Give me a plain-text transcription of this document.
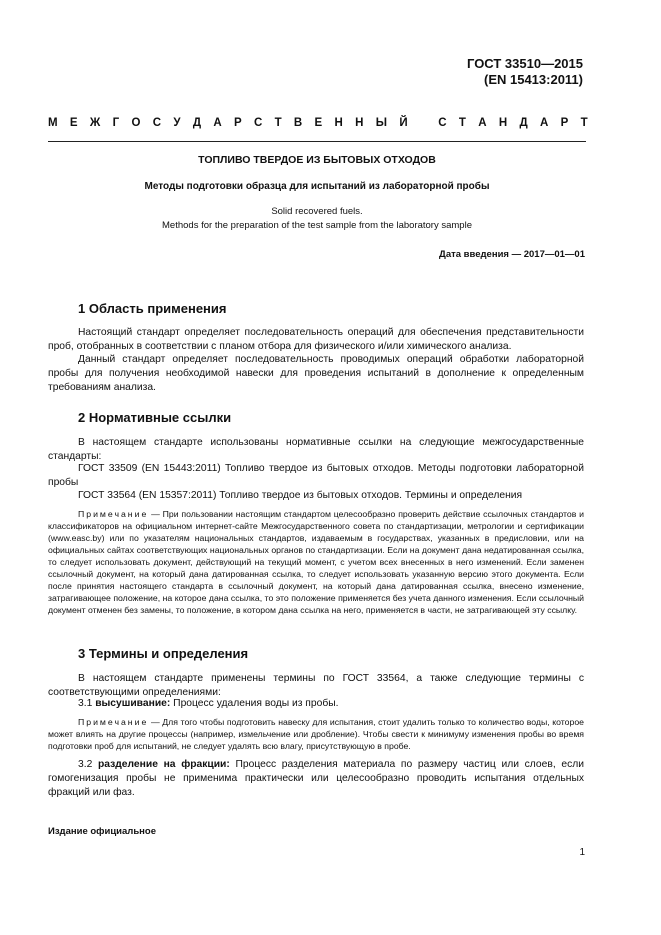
ГОСТ 33510—2015
(EN 15413:2011)
М Е Ж Г О С У Д А Р С Т В Е Н Н Ы Й	С Т А Н Д А Р Т
ТОПЛИВО ТВЕРДОЕ ИЗ БЫТОВЫХ ОТХОДОВ
Методы подготовки образца для испытаний из лабораторной пробы
Solid recovered fuels.
Methods for the preparation of the test sample from the laboratory sample
Дата введения — 2017—01—01
1 Область применения
Настоящий стандарт определяет последовательность операций для обеспечения представительности проб, отобранных в соответствии с планом отбора для физического и/или химического анализа.
Данный стандарт определяет последовательность проводимых операций обработки лабораторной пробы для получения необходимой навески для проведения испытаний в дополнение к определенным требованиям анализа.
2 Нормативные ссылки
В настоящем стандарте использованы нормативные ссылки на следующие межгосударственные стандарты:
ГОСТ 33509 (EN 15443:2011) Топливо твердое из бытовых отходов. Методы подготовки лабораторной пробы
ГОСТ 33564 (EN 15357:2011) Топливо твердое из бытовых отходов. Термины и определения
Примечание — При пользовании настоящим стандартом целесообразно проверить действие ссылочных стандартов и классификаторов на официальном интернет-сайте Межгосударственного совета по стандартизации, метрологии и сертификации (www.easc.by) или по указателям национальных стандартов, издаваемым в государствах, указанных в предисловии, или на официальных сайтах соответствующих национальных органов по стандартизации. Если на документ дана недатированная ссылка, то следует использовать документ, действующий на текущий момент, с учетом всех внесенных в него изменений. Если заменен ссылочный документ, на который дана датированная ссылка, то следует использовать указанную версию этого документа. Если после принятия настоящего стандарта в ссылочный документ, на который дана датированная ссылка, внесено изменение, затрагивающее положение, на которое дана ссылка, то это положение применяется без учета данного изменения. Если ссылочный документ отменен без замены, то положение, в котором дана ссылка на него, применяется в части, не затрагивающей эту ссылку.
3 Термины и определения
В настоящем стандарте применены термины по ГОСТ 33564, а также следующие термины с соответствующими определениями:
3.1 высушивание: Процесс удаления воды из пробы.
Примечание — Для того чтобы подготовить навеску для испытания, стоит удалить только то количество воды, которое может влиять на другие процессы (например, измельчение или дробление). Чтобы свести к минимуму изменения пробы во время подготовки проб для испытаний, не следует удалять всю влагу, присутствующую в пробе.
3.2 разделение на фракции: Процесс разделения материала по размеру частиц или слоев, если гомогенизация пробы не применима практически или целесообразно проводить испытания отдельных фракций или фаз.
Издание официальное
1
